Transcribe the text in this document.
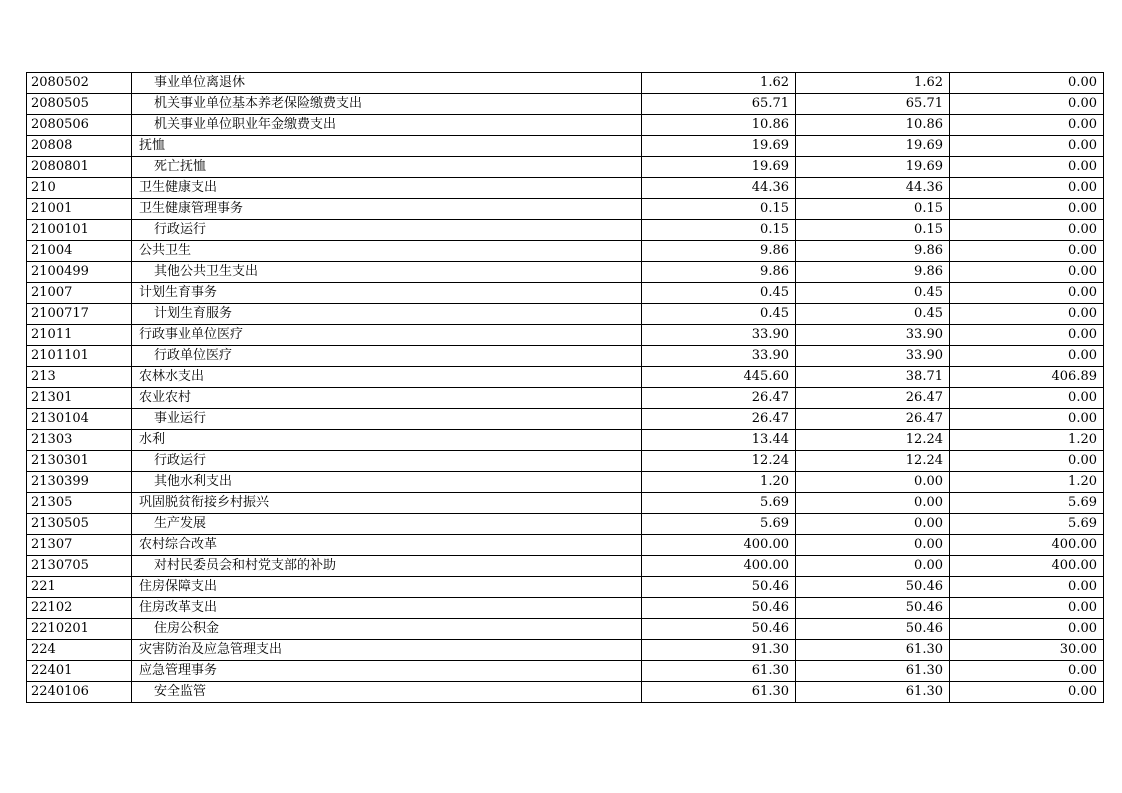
2080502	事业单位离退休	1.62	1.62	0.00
2080505	机关事业单位基本养老保险缴费支出	65.71	65.71	0.00
2080506	机关事业单位职业年金缴费支出	10.86	10.86	0.00
20808	抚恤	19.69	19.69	0.00
2080801	死亡抚恤	19.69	19.69	0.00
210	卫生健康支出	44.36	44.36	0.00
21001	卫生健康管理事务	0.15	0.15	0.00
2100101	行政运行	0.15	0.15	0.00
21004	公共卫生	9.86	9.86	0.00
2100499	其他公共卫生支出	9.86	9.86	0.00
21007	计划生育事务	0.45	0.45	0.00
2100717	计划生育服务	0.45	0.45	0.00
21011	行政事业单位医疗	33.90	33.90	0.00
2101101	行政单位医疗	33.90	33.90	0.00
213	农林水支出	445.60	38.71	406.89
21301	农业农村	26.47	26.47	0.00
2130104	事业运行	26.47	26.47	0.00
21303	水利	13.44	12.24	1.20
2130301	行政运行	12.24	12.24	0.00
2130399	其他水利支出	1.20	0.00	1.20
21305	巩固脱贫衔接乡村振兴	5.69	0.00	5.69
2130505	生产发展	5.69	0.00	5.69
21307	农村综合改革	400.00	0.00	400.00
2130705	对村民委员会和村党支部的补助	400.00	0.00	400.00
221	住房保障支出	50.46	50.46	0.00
22102	住房改革支出	50.46	50.46	0.00
2210201	住房公积金	50.46	50.46	0.00
224	灾害防治及应急管理支出	91.30	61.30	30.00
22401	应急管理事务	61.30	61.30	0.00
2240106	安全监管	61.30	61.30	0.00
